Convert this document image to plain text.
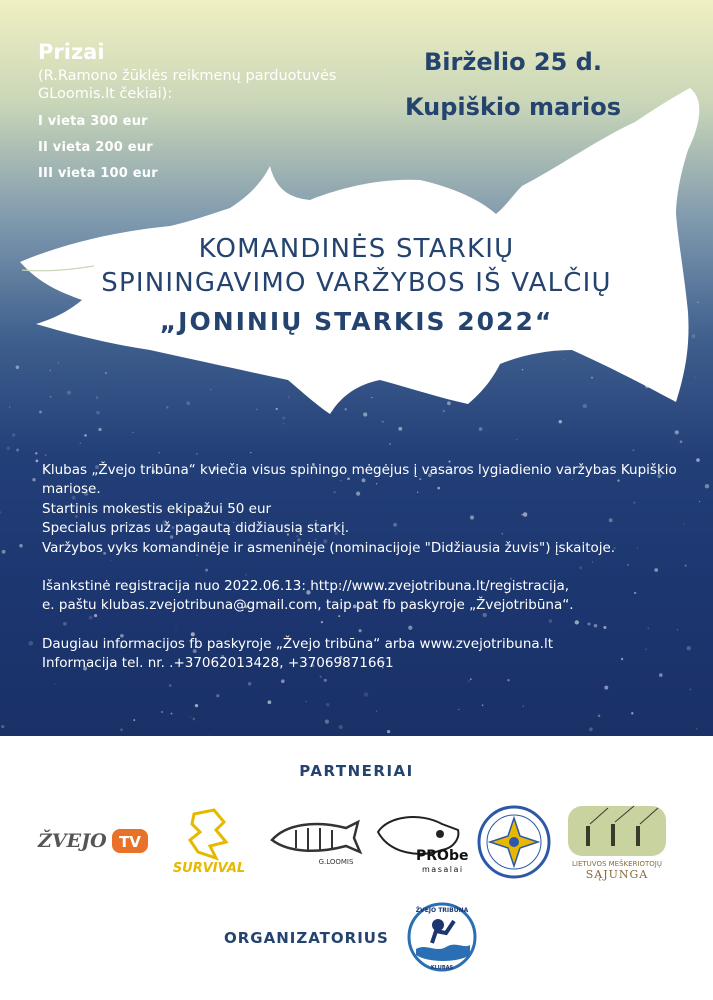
Prizai
(R.Ramono žūklės reikmenų parduotuvės GLoomis.lt čekiai):
I vieta 300 eur
II vieta 200 eur
III vieta 100 eur
Birželio 25 d.
Kupiškio marios
KOMANDINĖS STARKIŲ
SPININGAVIMO VARŽYBOS IŠ VALČIŲ
„JONINIŲ STARKIS 2022“

Klubas „Žvejo tribūna“ kviečia visus spiningo mėgėjus į vasaros lygiadienio varžybas Kupiškio mariose.

Startinis mokestis ekipažui 50 eur

Specialus prizas už pagautą didžiausią starkį.

Varžybos vyks komandinėje ir asmeninėje (nominacijoje "Didžiausia žuvis") įskaitoje.

Išankstinė registracija nuo 2022.06.13: http://www.zvejotribuna.lt/registracija,

e. paštu klubas.zvejotribuna@gmail.com, taip pat fb paskyroje „Žvejotribūna“.

Daugiau informacijos fb paskyroje „Žvejo tribūna“ arba www.zvejotribuna.lt

Informacija tel. nr. .+37062013428, +37069871661

PARTNERIAI
ŽVEJO TV
SURVIVAL	G.LOOMIS	PRObe
masalai
LIETUVOS MEŠKERIOTOJŲ
SĄJUNGA
ORGANIZATORIUS
ŽVEJO TRIBŪNA
KLUBAS
